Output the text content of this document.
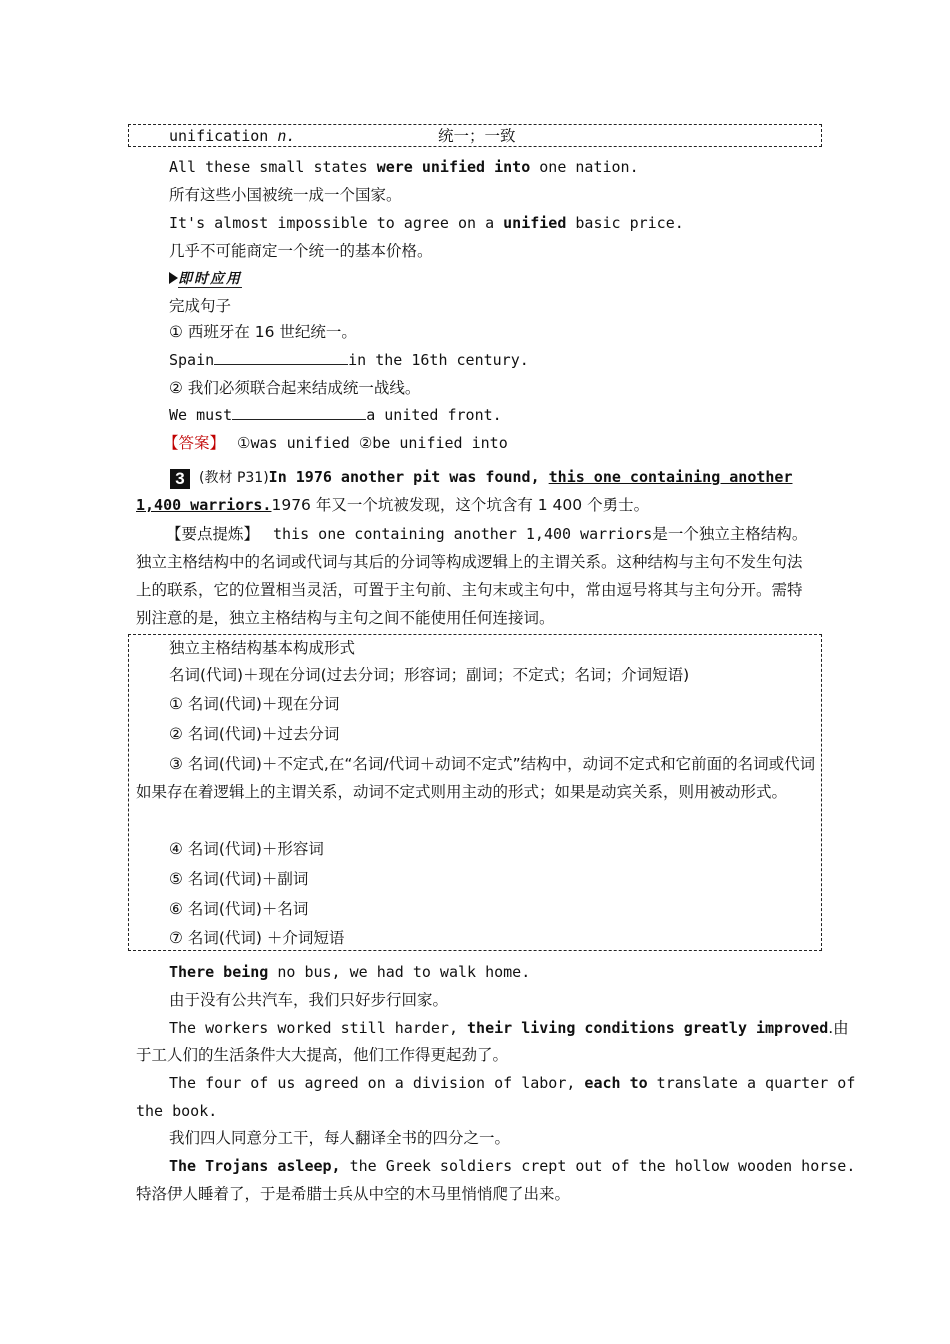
unification n.	统一；一致
All these small states were unified into one nation.
所有这些小国被统一成一个国家。
It's almost impossible to agree on a unified basic price.
几乎不可能商定一个统一的基本价格。
即时应用
完成句子
① 西班牙在 16 世纪统一。
Spain	in the 16th century.
② 我们必须联合起来结成统一战线。
We must	a united front.
【答案】 ①was unified ②be unified into
3 (教材 P31)In 1976 another pit was found, this one containing another
1,400 warriors.1976 年又一个坑被发现，这个坑含有 1 400 个勇士。
【要点提炼】 this one containing another 1,400 warriors是一个独立主格结构。独立主格结构中的名词或代词与其后的分词等构成逻辑上的主谓关系。这种结构与主句不发生句法上的联系，它的位置相当灵活，可置于主句前、主句末或主句中，常由逗号将其与主句分开。需特别注意的是，独立主格结构与主句之间不能使用任何连接词。
独立主格结构基本构成形式
名词(代词)＋现在分词(过去分词；形容词；副词；不定式；名词；介词短语)
① 名词(代词)＋现在分词
② 名词(代词)＋过去分词
③ 名词(代词)＋不定式,在“名词/代词＋动词不定式”结构中，动词不定式和它前面的名词或代词如果存在着逻辑上的主谓关系，动词不定式则用主动的形式；如果是动宾关系，则用被动形式。
④ 名词(代词)＋形容词
⑤ 名词(代词)＋副词
⑥ 名词(代词)＋名词
⑦ 名词(代词) ＋介词短语
There being no bus, we had to walk home.
由于没有公共汽车，我们只好步行回家。
The workers worked still harder, their living conditions greatly improved.由
于工人们的生活条件大大提高，他们工作得更起劲了。
The four of us agreed on a division of labor, each to translate a quarter of
the book.
我们四人同意分工干，每人翻译全书的四分之一。
The Trojans asleep, the Greek soldiers crept out of the hollow wooden horse.
特洛伊人睡着了，于是希腊士兵从中空的木马里悄悄爬了出来。
